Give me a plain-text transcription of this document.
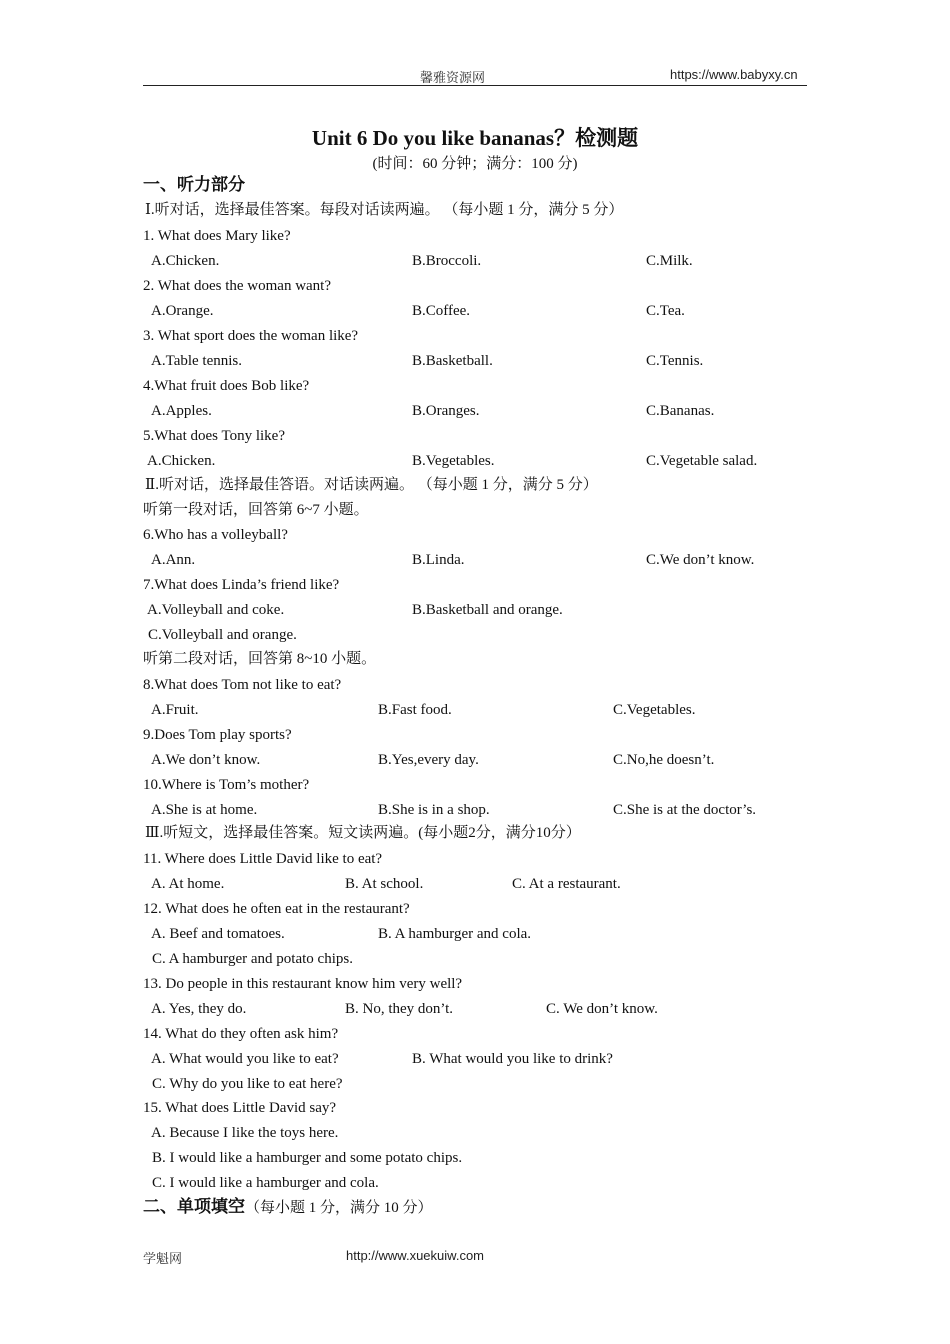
馨雅资源网	https://www.babyxy.cn
Unit 6 Do you like bananas？检测题
(时间：60 分钟；满分：100 分)
一、听力部分
Ⅰ.听对话，选择最佳答案。每段对话读两遍。 （每小题 1 分，满分 5 分）
1. What does Mary like?
A.Chicken.	B.Broccoli.	C.Milk.
2. What does the woman want?
A.Orange.	B.Coffee.	C.Tea.
3. What sport does the woman like?
A.Table tennis.	B.Basketball.	C.Tennis.
4.What fruit does Bob like?
A.Apples.	B.Oranges.	C.Bananas.
5.What does Tony like?
A.Chicken.	B.Vegetables.	C.Vegetable salad.
Ⅱ.听对话，选择最佳答语。对话读两遍。 （每小题 1 分，满分 5 分）
听第一段对话，回答第 6~7 小题。
6.Who has a volleyball?
A.Ann.	B.Linda.	C.We don’t know.
7.What does Linda’s friend like?
A.Volleyball and coke.	B.Basketball and orange.
C.Volleyball and orange.
听第二段对话，回答第 8~10 小题。
8.What does Tom not like to eat?
A.Fruit.	B.Fast food.	C.Vegetables.
9.Does Tom play sports?
A.We don’t know.	B.Yes,every day.	C.No,he doesn’t.
10.Where is Tom’s mother?
A.She is at home.	B.She is in a shop.	C.She is at the doctor’s.
Ⅲ.听短文，选择最佳答案。短文读两遍。(每小题2分，满分10分）
11. Where does Little David like to eat?
A. At home.	B. At school.	C. At a restaurant.
12. What does he often eat in the restaurant?
A. Beef and tomatoes.	B. A hamburger and cola.
C. A hamburger and potato chips.
13. Do people in this restaurant know him very well?
A. Yes, they do.	B. No, they don’t.	C. We don’t know.
14. What do they often ask him?
A. What would you like to eat?	B. What would you like to drink?
C. Why do you like to eat here?
15. What does Little David say?
A. Because I like the toys here.
B. I would like a hamburger and some potato chips.
C. I would like a hamburger and cola.
二、单项填空（每小题 1 分，满分 10 分）
学魁网	http://www.xuekuiw.com
